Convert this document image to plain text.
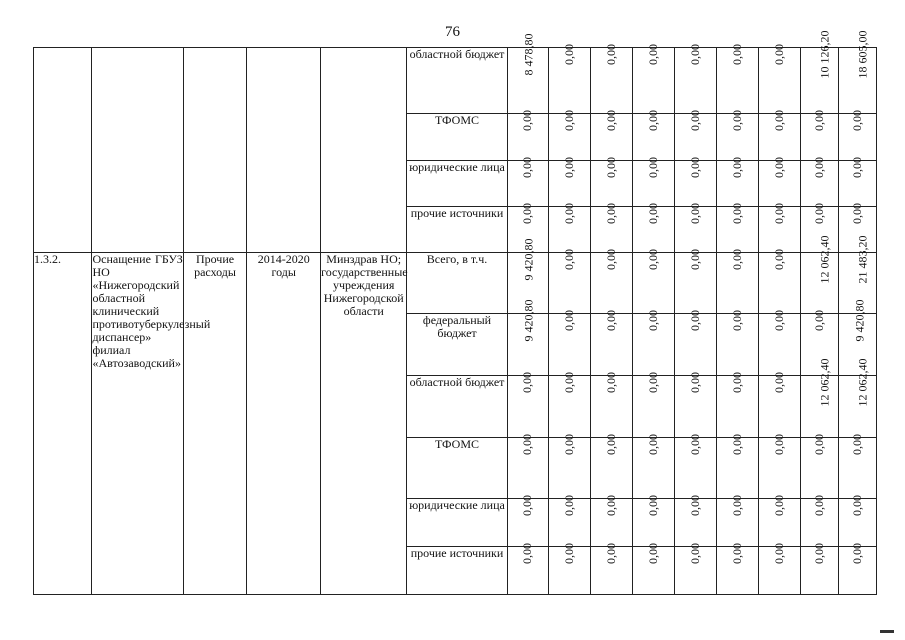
76
					областной бюджет	8 478,80	0,00	0,00	0,00	0,00	0,00	0,00	10 126,20	18 605,00
					ТФОМС	0,00	0,00	0,00	0,00	0,00	0,00	0,00	0,00	0,00
					юридические лица	0,00	0,00	0,00	0,00	0,00	0,00	0,00	0,00	0,00
					прочие источники	0,00	0,00	0,00	0,00	0,00	0,00	0,00	0,00	0,00
1.3.2.	Оснащение ГБУЗ НО «Нижегородский областной клинический противотуберкулезный диспансер» филиал «Автозаводский»	Прочие расходы	2014-2020 годы	Минздрав НО; государственные учреждения Нижегородской области	Всего, в т.ч.	9 420,80	0,00	0,00	0,00	0,00	0,00	0,00	12 062,40	21 483,20
					федеральный бюджет	9 420,80	0,00	0,00	0,00	0,00	0,00	0,00	0,00	9 420,80
					областной бюджет	0,00	0,00	0,00	0,00	0,00	0,00	0,00	12 062,40	12 062,40
					ТФОМС	0,00	0,00	0,00	0,00	0,00	0,00	0,00	0,00	0,00
					юридические лица	0,00	0,00	0,00	0,00	0,00	0,00	0,00	0,00	0,00
					прочие источники	0,00	0,00	0,00	0,00	0,00	0,00	0,00	0,00	0,00
